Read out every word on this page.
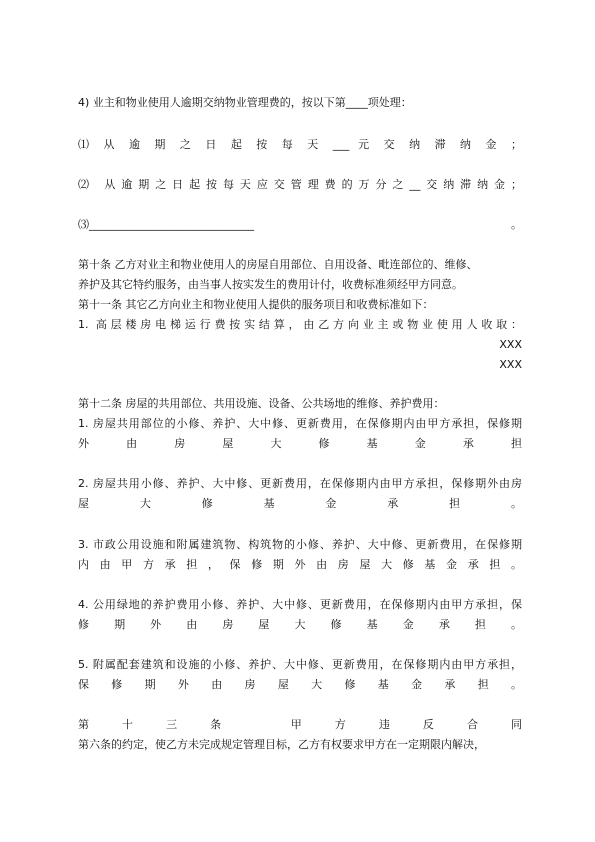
4) 业主和物业使用人逾期交纳物业管理费的，按以下第____项处理：
⑴ 从 逾 期 之 日 起 按 每 天 ___ 元 交 纳 滞 纳 金 ；
⑵ 从逾期之日起按每天应交管理费的万分之__交纳滞纳金；
⑶______________________________	。
第十条 乙方对业主和物业使用人的房屋自用部位、自用设备、毗连部位的、维修、
养护及其它特约服务，由当事人按实发生的费用计付，收费标准须经甲方同意。
第十一条 其它乙方向业主和物业使用人提供的服务项目和收费标准如下：
1. 高层楼房电梯运行费按实结算，由乙方向业主或物业使用人收取：
XXX
XXX
第十二条 房屋的共用部位、共用设施、设备、公共场地的维修、养护费用：
1. 房屋共用部位的小修、养护、大中修、更新费用，在保修期内由甲方承担，保修期
外由房屋大修基金承担
2. 房屋共用小修、养护、大中修、更新费用，在保修期内由甲方承担，保修期外由房
屋大修基金承担。
3. 市政公用设施和附属建筑物、构筑物的小修、养护、大中修、更新费用，在保修期
内由甲方承担，保修期外由房屋大修基金承担。
4. 公用绿地的养护费用小修、养护、大中修、更新费用，在保修期内由甲方承担，保
修期外由房屋大修基金承担。
5. 附属配套建筑和设施的小修、养护、大中修、更新费用，在保修期内由甲方承担，
保修期外由房屋大修基金承担。
第十三条 甲方违反合同
第六条的约定，使乙方未完成规定管理目标，乙方有权要求甲方在一定期限内解决，
